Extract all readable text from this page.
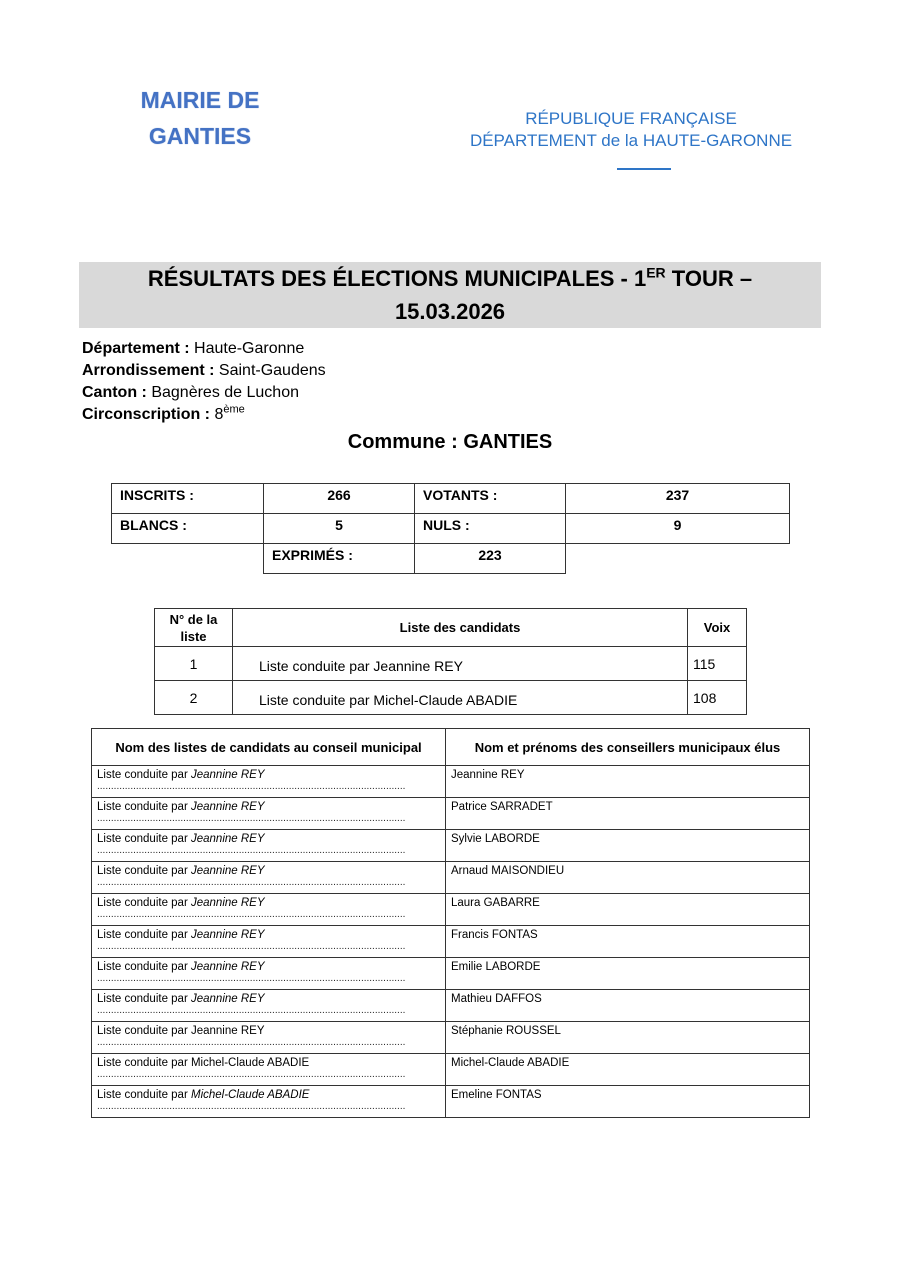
MAIRIE DE
GANTIES
RÉPUBLIQUE FRANÇAISE
DÉPARTEMENT de la HAUTE-GARONNE
RÉSULTATS DES ÉLECTIONS MUNICIPALES - 1ER TOUR –
15.03.2026
Département : Haute-Garonne
Arrondissement : Saint-Gaudens
Canton : Bagnères de Luchon
Circonscription : 8ème
Commune : GANTIES
INSCRITS :	266	VOTANTS :	237
BLANCS :	5	NULS :	9
	EXPRIMÉS :	223	
N° de la liste	Liste des candidats	Voix
1	Liste conduite par Jeannine REY	115
2	Liste conduite par Michel-Claude ABADIE	108
Nom des listes de candidats au conseil municipal	Nom et prénoms des conseillers municipaux élus
Liste conduite par Jeannine REY
...............................................................................................................	Jeannine REY
Liste conduite par Jeannine REY
...............................................................................................................	Patrice SARRADET
Liste conduite par Jeannine REY
...............................................................................................................	Sylvie LABORDE
Liste conduite par Jeannine REY
...............................................................................................................	Arnaud MAISONDIEU
Liste conduite par Jeannine REY
...............................................................................................................	Laura GABARRE
Liste conduite par Jeannine REY
...............................................................................................................	Francis FONTAS
Liste conduite par Jeannine REY
...............................................................................................................	Emilie LABORDE
Liste conduite par Jeannine REY
...............................................................................................................	Mathieu DAFFOS
Liste conduite par Jeannine REY
...............................................................................................................	Stéphanie ROUSSEL
Liste conduite par Michel-Claude ABADIE
...............................................................................................................	Michel-Claude ABADIE
Liste conduite par Michel-Claude ABADIE
...............................................................................................................	Emeline FONTAS
